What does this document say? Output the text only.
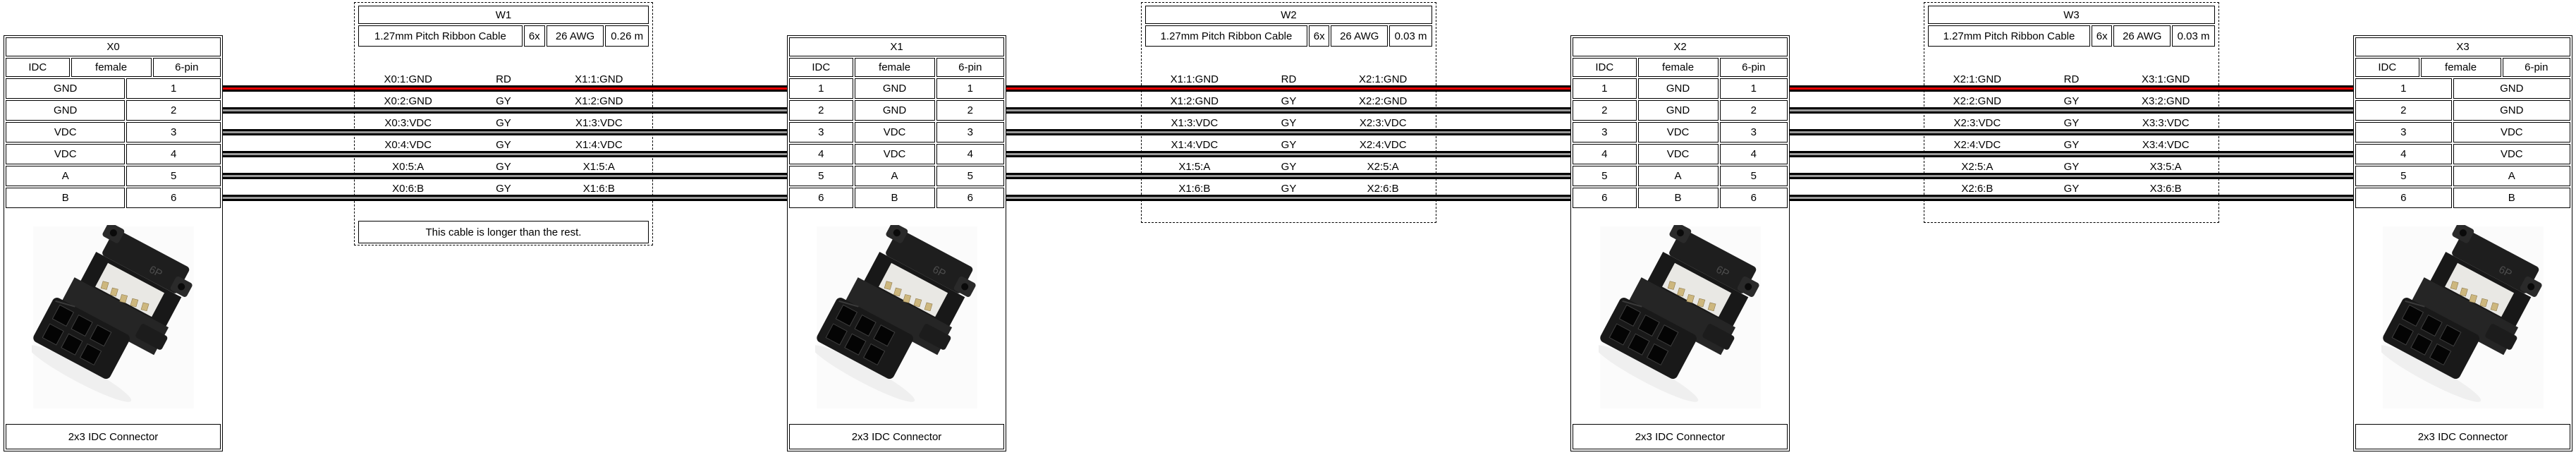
W1
1.27mm Pitch Ribbon Cable	6x	26 AWG	0.26 m
X0:1:GND	RD	X1:1:GND
X0:2:GND	GY	X1:2:GND
X0:3:VDC	GY	X1:3:VDC
X0:4:VDC	GY	X1:4:VDC
X0:5:A	GY	X1:5:A
X0:6:B	GY	X1:6:B
This cable is longer than the rest.
W2
1.27mm Pitch Ribbon Cable	6x	26 AWG	0.03 m
X1:1:GND	RD	X2:1:GND
X1:2:GND	GY	X2:2:GND
X1:3:VDC	GY	X2:3:VDC
X1:4:VDC	GY	X2:4:VDC
X1:5:A	GY	X2:5:A
X1:6:B	GY	X2:6:B
W3
1.27mm Pitch Ribbon Cable	6x	26 AWG	0.03 m
X2:1:GND	RD	X3:1:GND
X2:2:GND	GY	X3:2:GND
X2:3:VDC	GY	X3:3:VDC
X2:4:VDC	GY	X3:4:VDC
X2:5:A	GY	X3:5:A
X2:6:B	GY	X3:6:B
X0
IDC	female	6-pin
GND	1
GND	2
VDC	3
VDC	4
A	5
B	6
2x3 IDC Connector
X1
IDC	female	6-pin
1	GND	1
2	GND	2
3	VDC	3
4	VDC	4
5	A	5
6	B	6
2x3 IDC Connector
X2
IDC	female	6-pin
1	GND	1
2	GND	2
3	VDC	3
4	VDC	4
5	A	5
6	B	6
2x3 IDC Connector
X3
IDC	female	6-pin
1	GND
2	GND
3	VDC
4	VDC
5	A
6	B
2x3 IDC Connector
